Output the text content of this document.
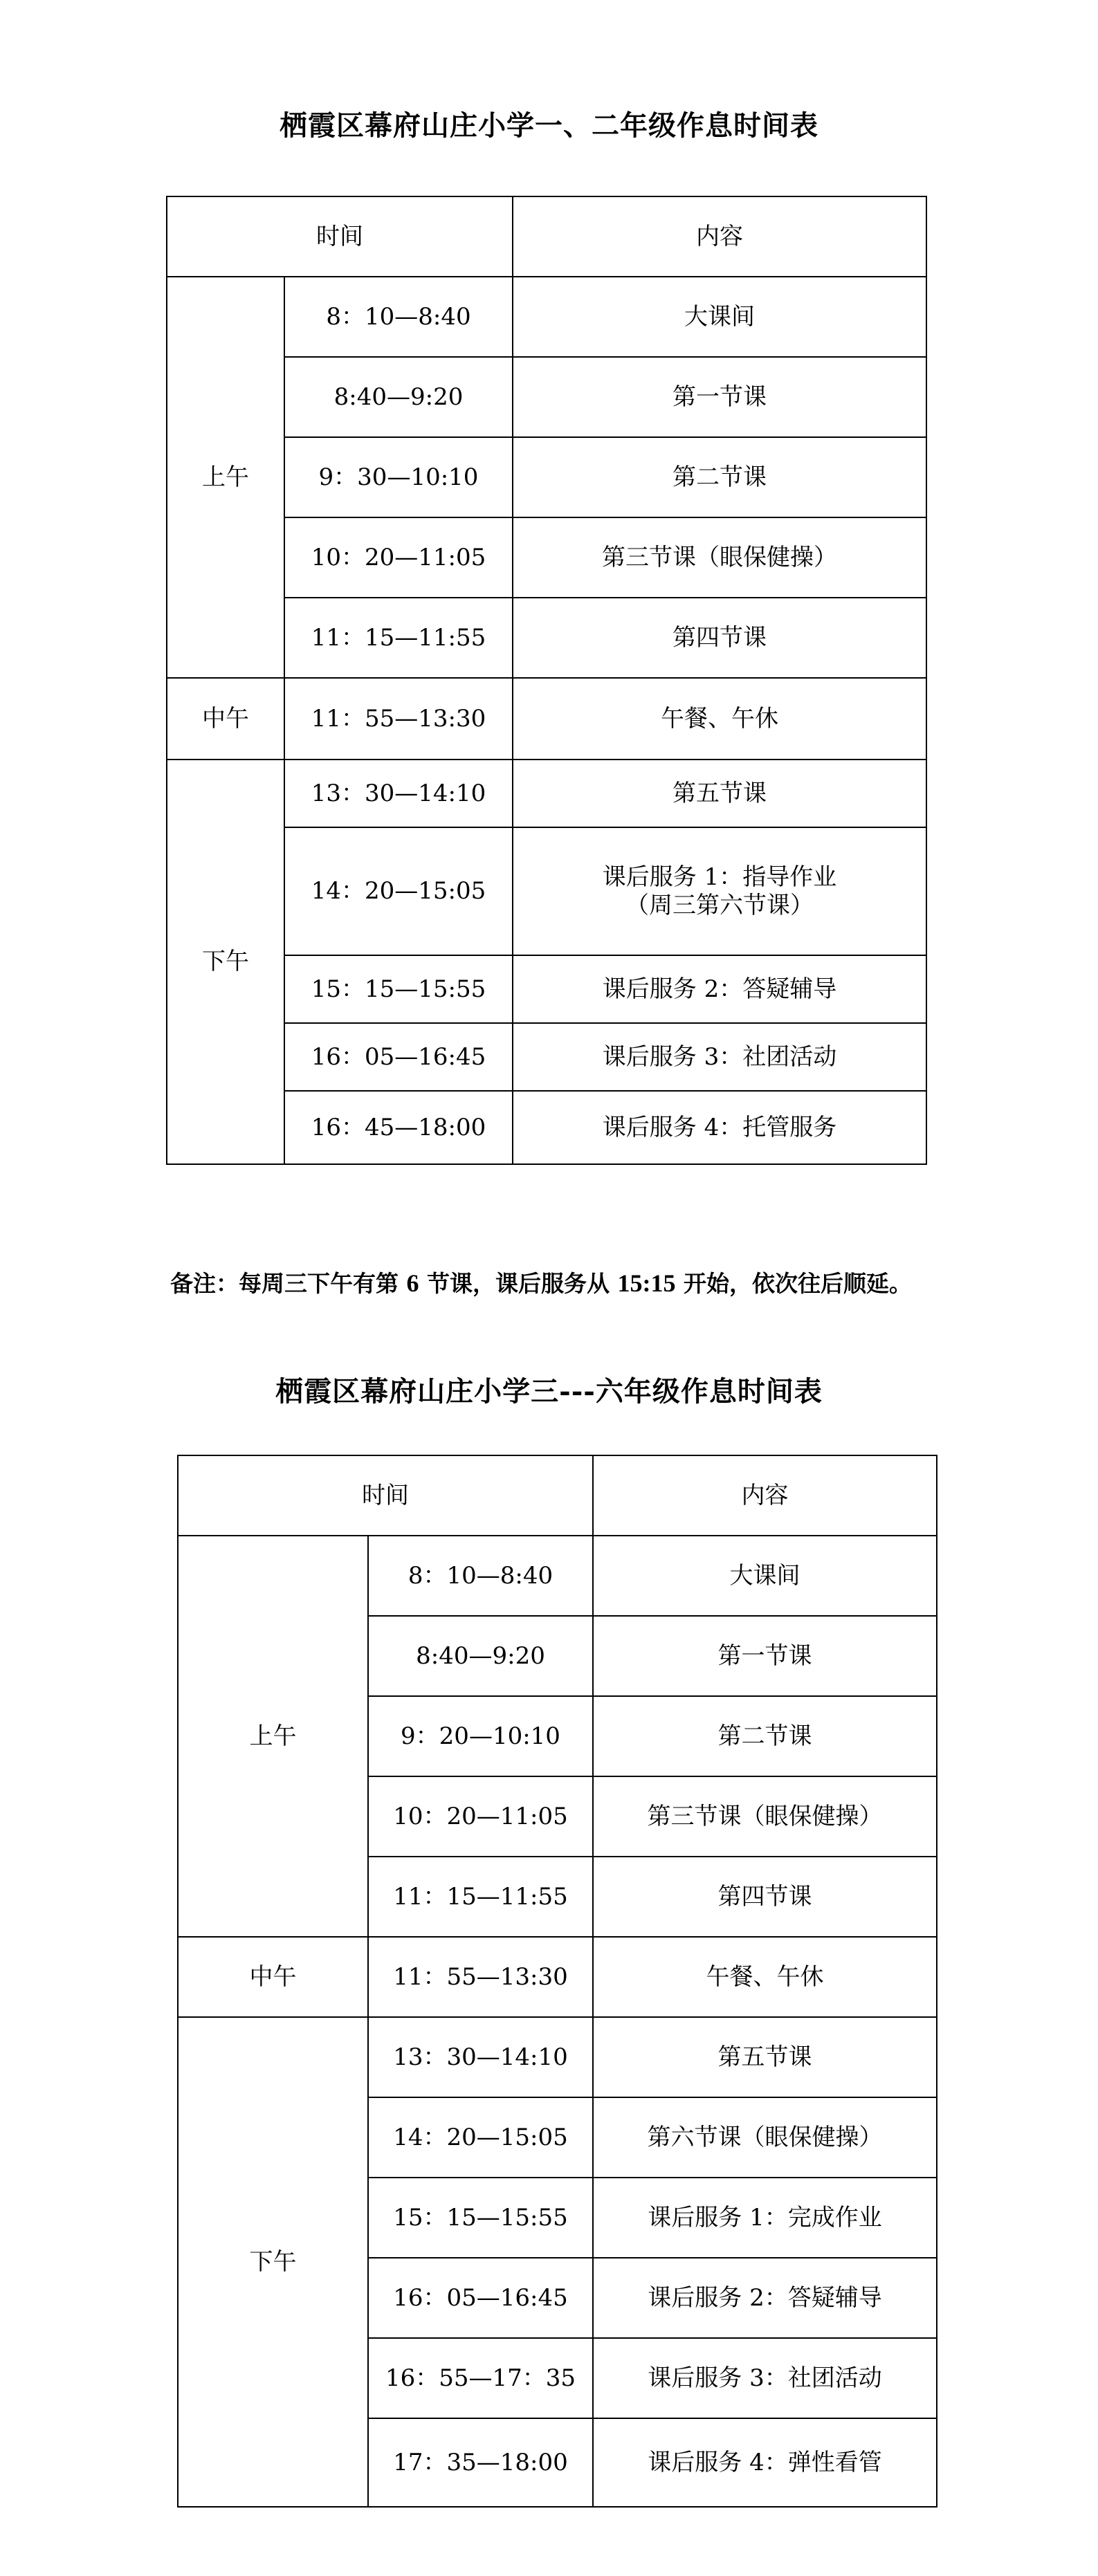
栖霞区幕府山庄小学一、二年级作息时间表
时间		内容
上午	8：10—8:40	大课间
	8:40—9:20	第一节课
	9：30—10:10	第二节课
	10：20—11:05	第三节课（眼保健操）
	11：15—11:55	第四节课
中午	11：55—13:30	午餐、午休
下午	13：30—14:10	第五节课
	14：20—15:05	课后服务 1：指导作业
（周三第六节课）

	15：15—15:55	课后服务 2：答疑辅导
	16：05—16:45	课后服务 3：社团活动
	16：45—18:00	课后服务 4：托管服务
备注：每周三下午有第 6 节课，课后服务从 15:15 开始，依次往后顺延。
栖霞区幕府山庄小学三---六年级作息时间表
时间		内容
上午	8：10—8:40	大课间
	8:40—9:20	第一节课
	9：20—10:10	第二节课
	10：20—11:05	第三节课（眼保健操）
	11：15—11:55	第四节课
中午	11：55—13:30	午餐、午休
下午	13：30—14:10	第五节课
	14：20—15:05	第六节课（眼保健操）
	15：15—15:55	课后服务 1：完成作业
	16：05—16:45	课后服务 2：答疑辅导
	16：55—17：35	课后服务 3：社团活动
	17：35—18:00	课后服务 4：弹性看管
